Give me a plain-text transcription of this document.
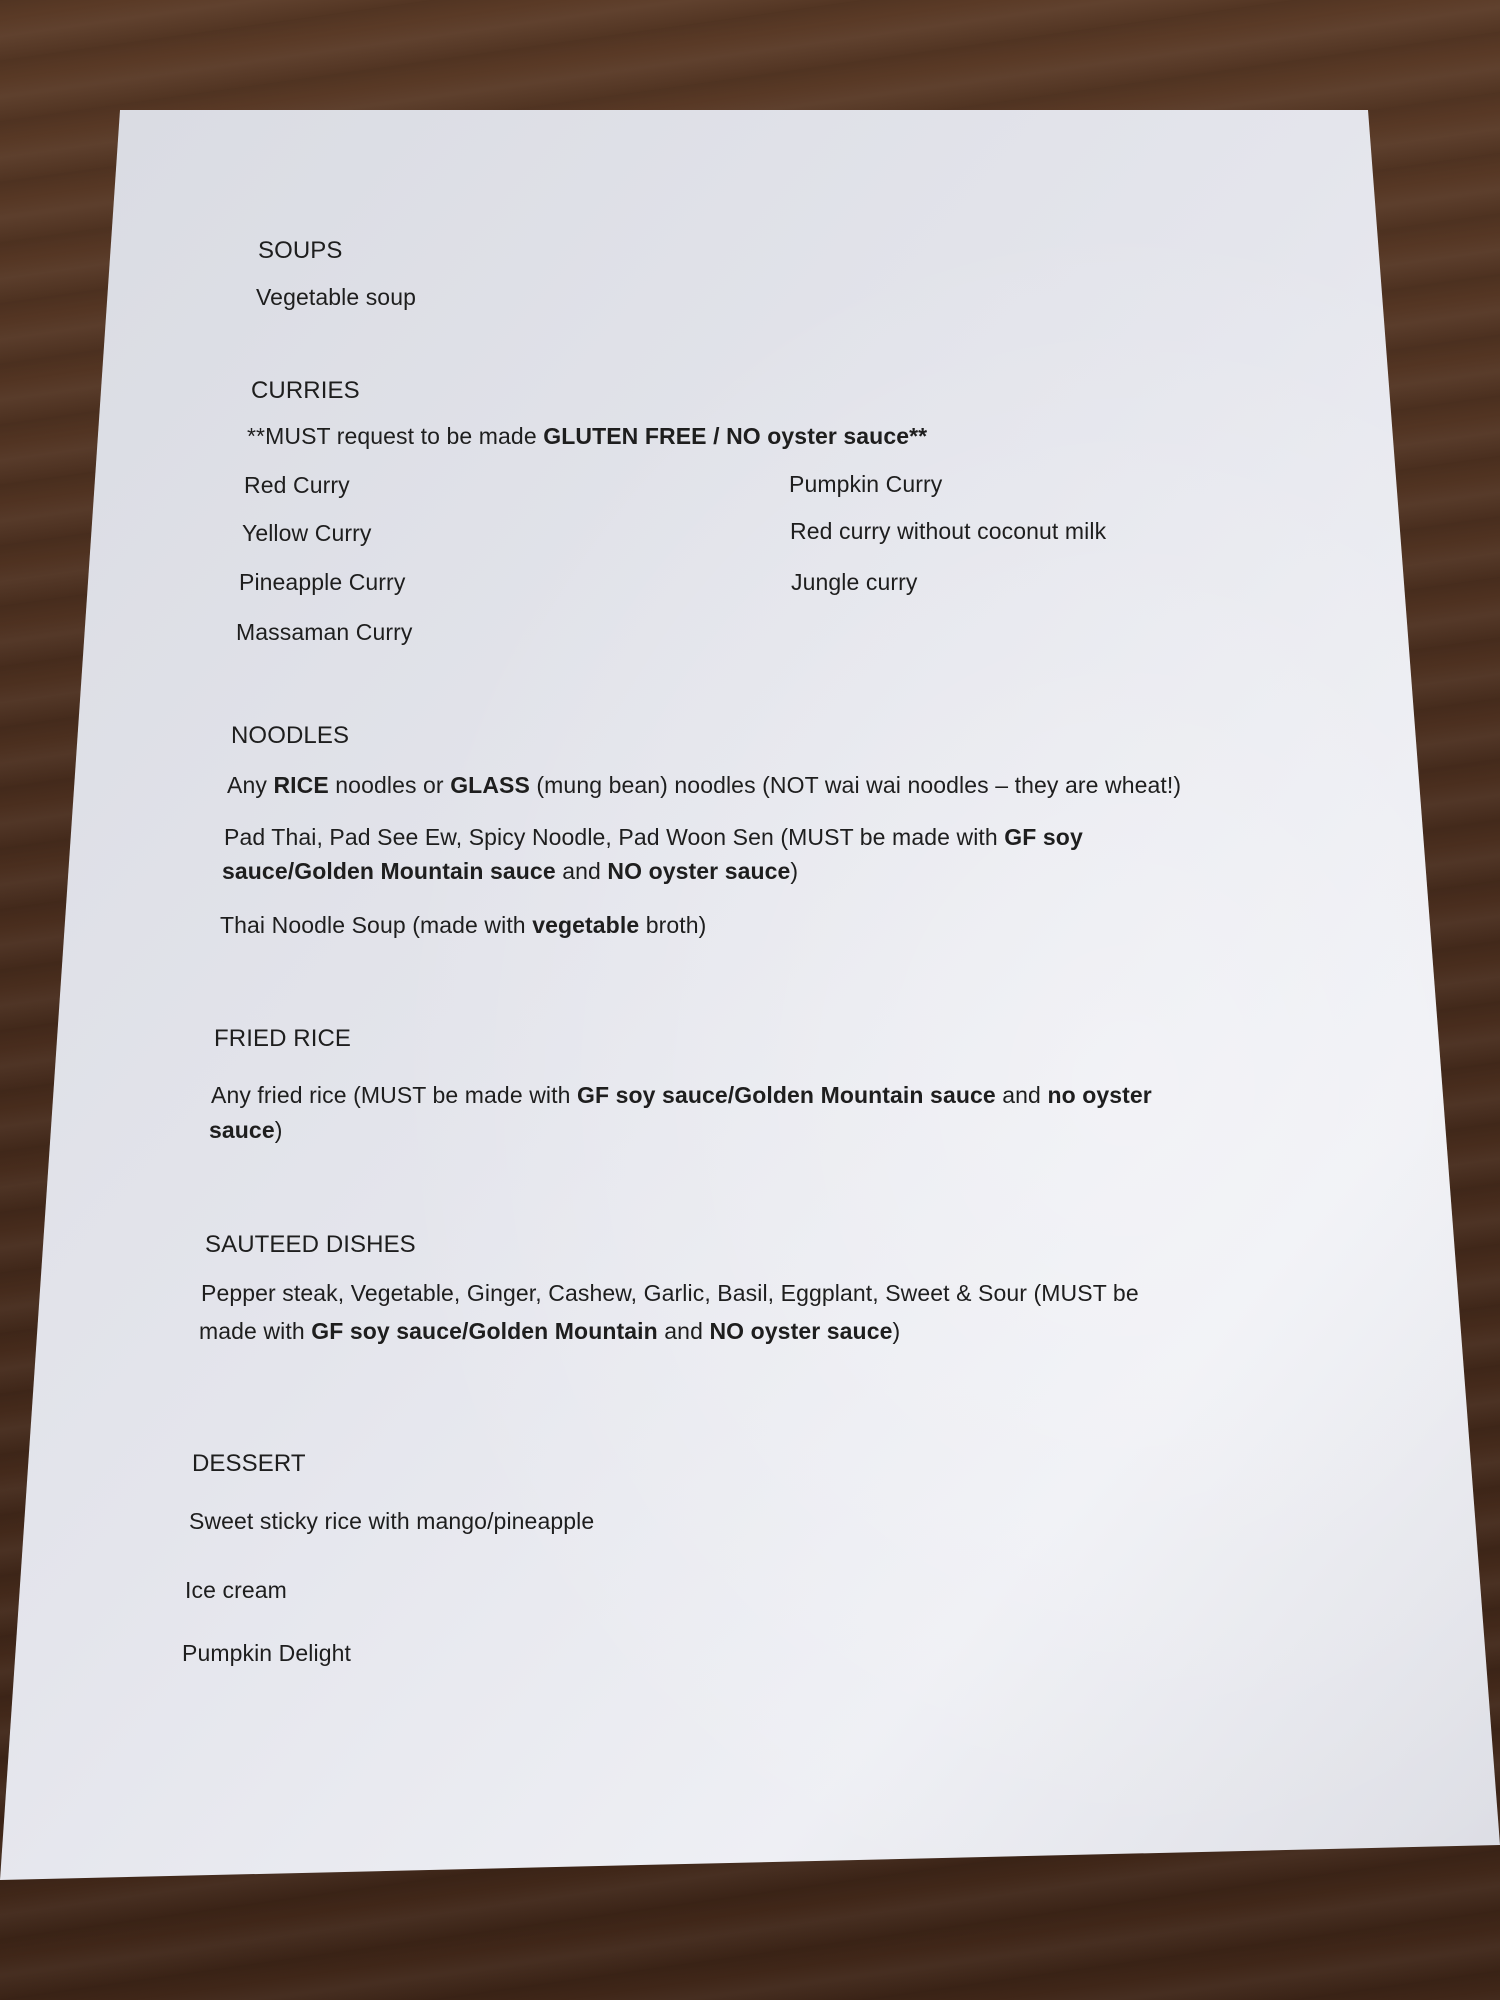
SOUPS
Vegetable soup
CURRIES
**MUST request to be made GLUTEN FREE / NO oyster sauce**
Red Curry
Yellow Curry
Pineapple Curry
Massaman Curry
Pumpkin Curry
Red curry without coconut milk
Jungle curry
NOODLES
Any RICE noodles or GLASS (mung bean) noodles (NOT wai wai noodles – they are wheat!)
Pad Thai, Pad See Ew, Spicy Noodle, Pad Woon Sen (MUST be made with GF soy
sauce/Golden Mountain sauce and NO oyster sauce)
Thai Noodle Soup (made with vegetable broth)
FRIED RICE
Any fried rice (MUST be made with GF soy sauce/Golden Mountain sauce and no oyster
sauce)
SAUTEED DISHES
Pepper steak, Vegetable, Ginger, Cashew, Garlic, Basil, Eggplant, Sweet & Sour (MUST be
made with GF soy sauce/Golden Mountain and NO oyster sauce)
DESSERT
Sweet sticky rice with mango/pineapple
Ice cream
Pumpkin Delight
